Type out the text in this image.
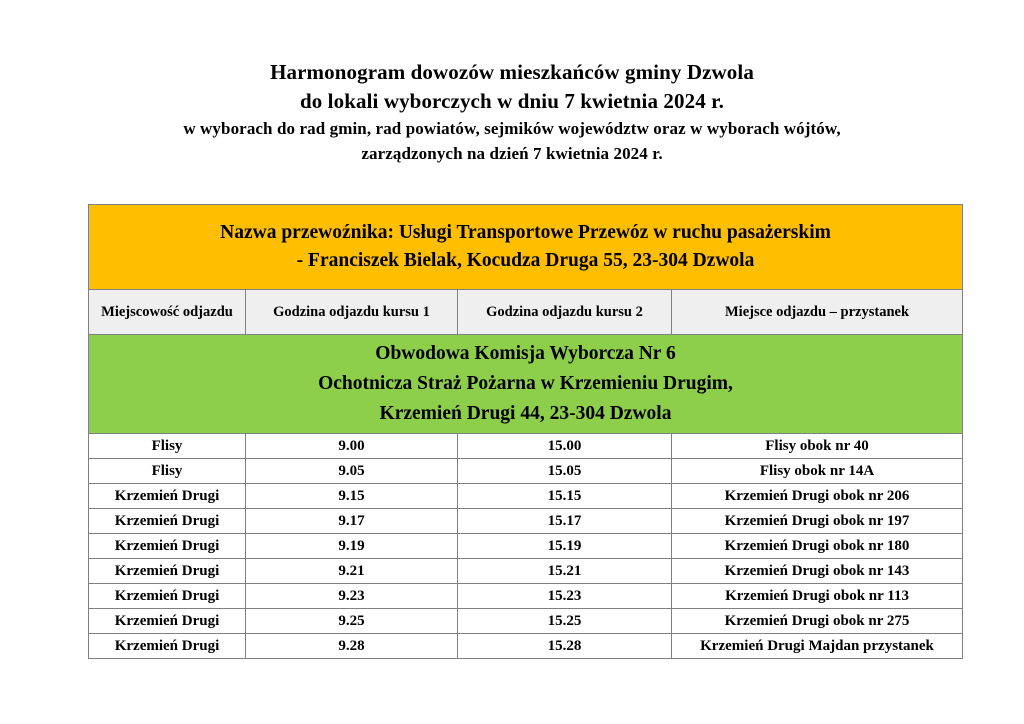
Harmonogram dowozów mieszkańców gminy Dzwola
do lokali wyborczych w dniu 7 kwietnia 2024 r.
w wyborach do rad gmin, rad powiatów, sejmików województw oraz w wyborach wójtów,
zarządzonych na dzień 7 kwietnia 2024 r.
Nazwa przewoźnika: Usługi Transportowe Przewóz w ruchu pasażerskim
- Franciszek Bielak, Kocudza Druga 55, 23-304 Dzwola			

Miejscowość odjazdu	Godzina odjazdu kursu 1	Godzina odjazdu kursu 2	Miejsce odjazdu – przystanek

Obwodowa Komisja Wyborcza Nr 6
Ochotnicza Straż Pożarna w Krzemieniu Drugim,
Krzemień Drugi 44, 23-304 Dzwola			

Flisy	9.00	15.00	Flisy obok nr 40
Flisy	9.05	15.05	Flisy obok nr 14A
Krzemień Drugi	9.15	15.15	Krzemień Drugi obok nr 206
Krzemień Drugi	9.17	15.17	Krzemień Drugi obok nr 197
Krzemień Drugi	9.19	15.19	Krzemień Drugi obok nr 180
Krzemień Drugi	9.21	15.21	Krzemień Drugi obok nr 143
Krzemień Drugi	9.23	15.23	Krzemień Drugi obok nr 113
Krzemień Drugi	9.25	15.25	Krzemień Drugi obok nr 275
Krzemień Drugi	9.28	15.28	Krzemień Drugi Majdan przystanek
